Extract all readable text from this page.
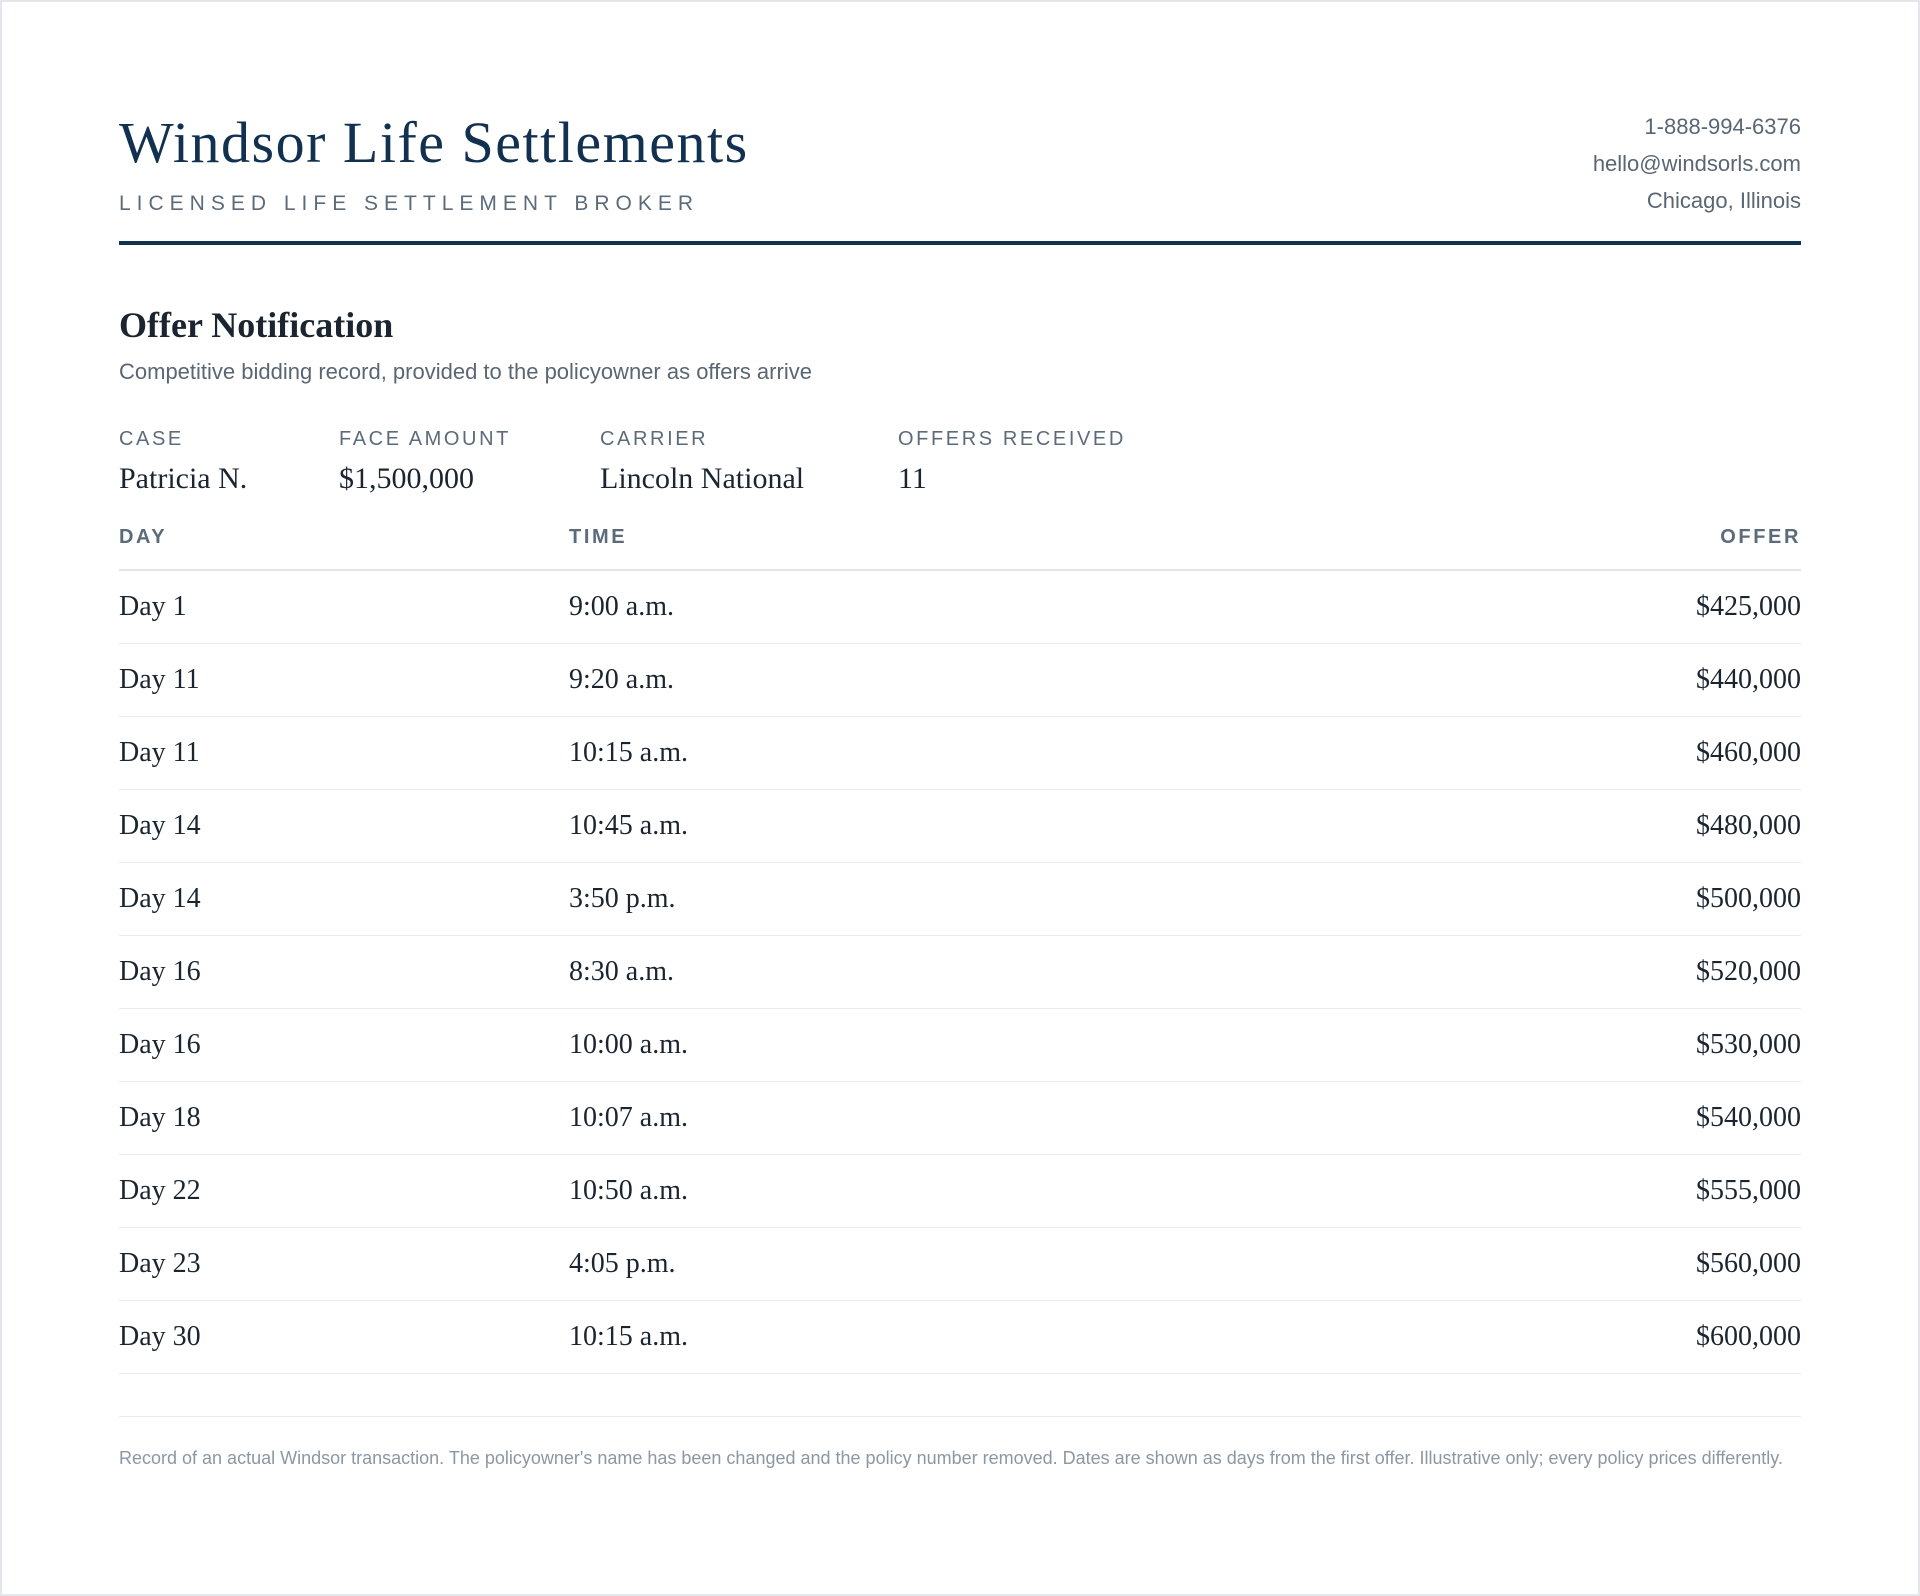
Windsor Life Settlements
LICENSED LIFE SETTLEMENT BROKER
1-888-994-6376
hello@windsorls.com
Chicago, Illinois
Offer Notification
Competitive bidding record, provided to the policyowner as offers arrive
CASE
Patricia N.
FACE AMOUNT
$1,500,000
CARRIER
Lincoln National
OFFERS RECEIVED
11
DAY	TIME	OFFER
Day 1	9:00 a.m.	$425,000
Day 11	9:20 a.m.	$440,000
Day 11	10:15 a.m.	$460,000
Day 14	10:45 a.m.	$480,000
Day 14	3:50 p.m.	$500,000
Day 16	8:30 a.m.	$520,000
Day 16	10:00 a.m.	$530,000
Day 18	10:07 a.m.	$540,000
Day 22	10:50 a.m.	$555,000
Day 23	4:05 p.m.	$560,000
Day 30	10:15 a.m.	$600,000
Record of an actual Windsor transaction. The policyowner's name has been changed and the policy number removed. Dates are shown as days from the first offer. Illustrative only; every policy prices differently.
